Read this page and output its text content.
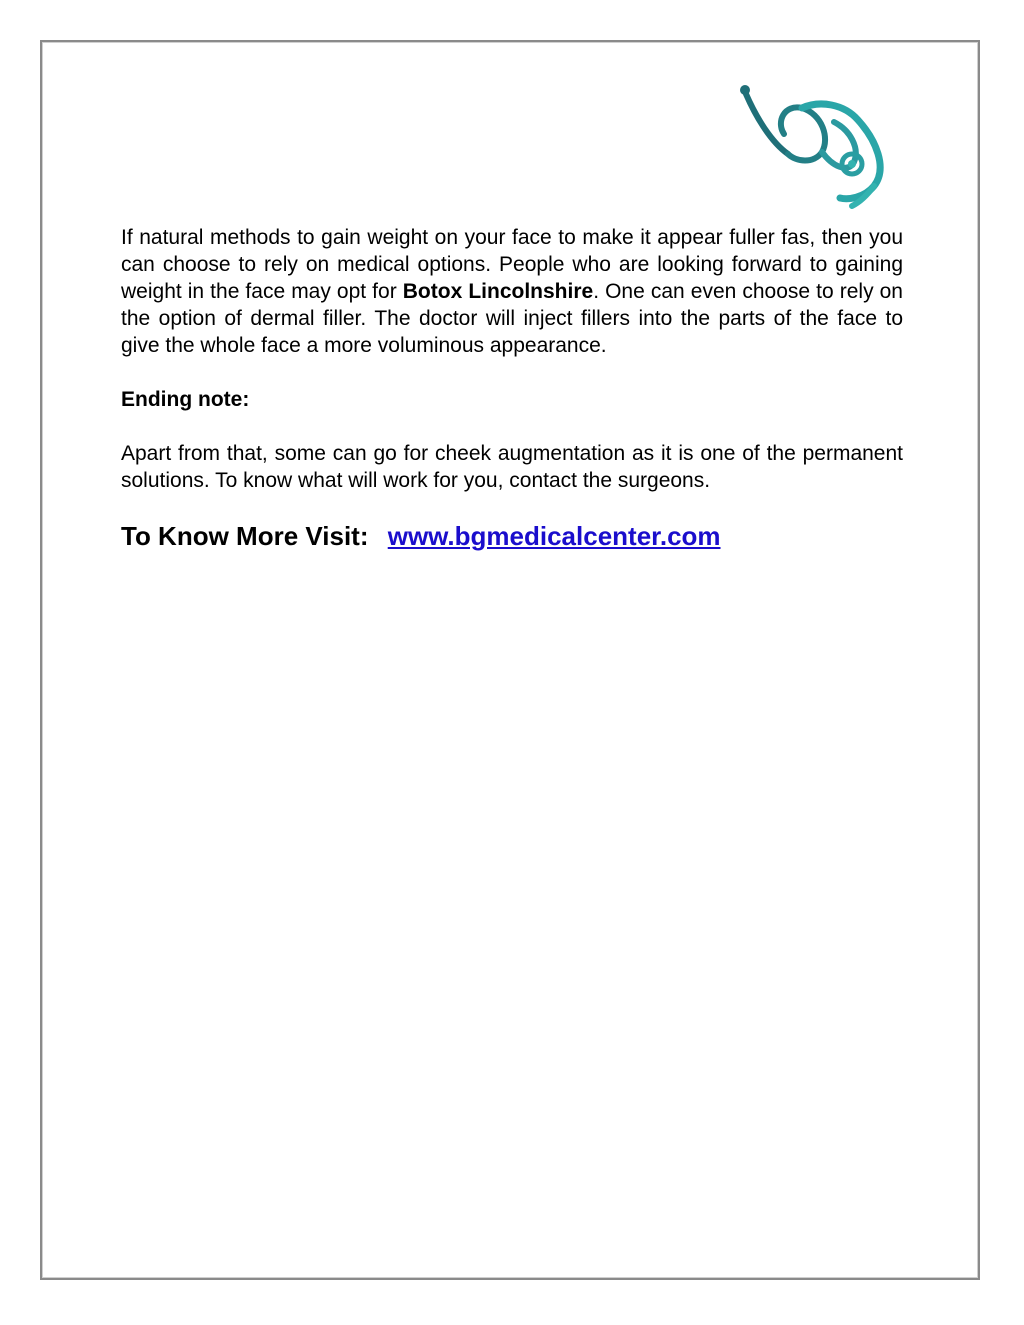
If natural methods to gain weight on your face to make it appear fuller fas, then you can choose to rely on medical options. People who are looking forward to gaining weight in the face may opt for Botox Lincolnshire. One can even choose to rely on the option of dermal filler. The doctor will inject fillers into the parts of the face to give the whole face a more voluminous appearance.

Ending note:

Apart from that, some can go for cheek augmentation as it is one of the permanent solutions. To know what will work for you, contact the surgeons.

To Know More Visit: www.bgmedicalcenter.com
